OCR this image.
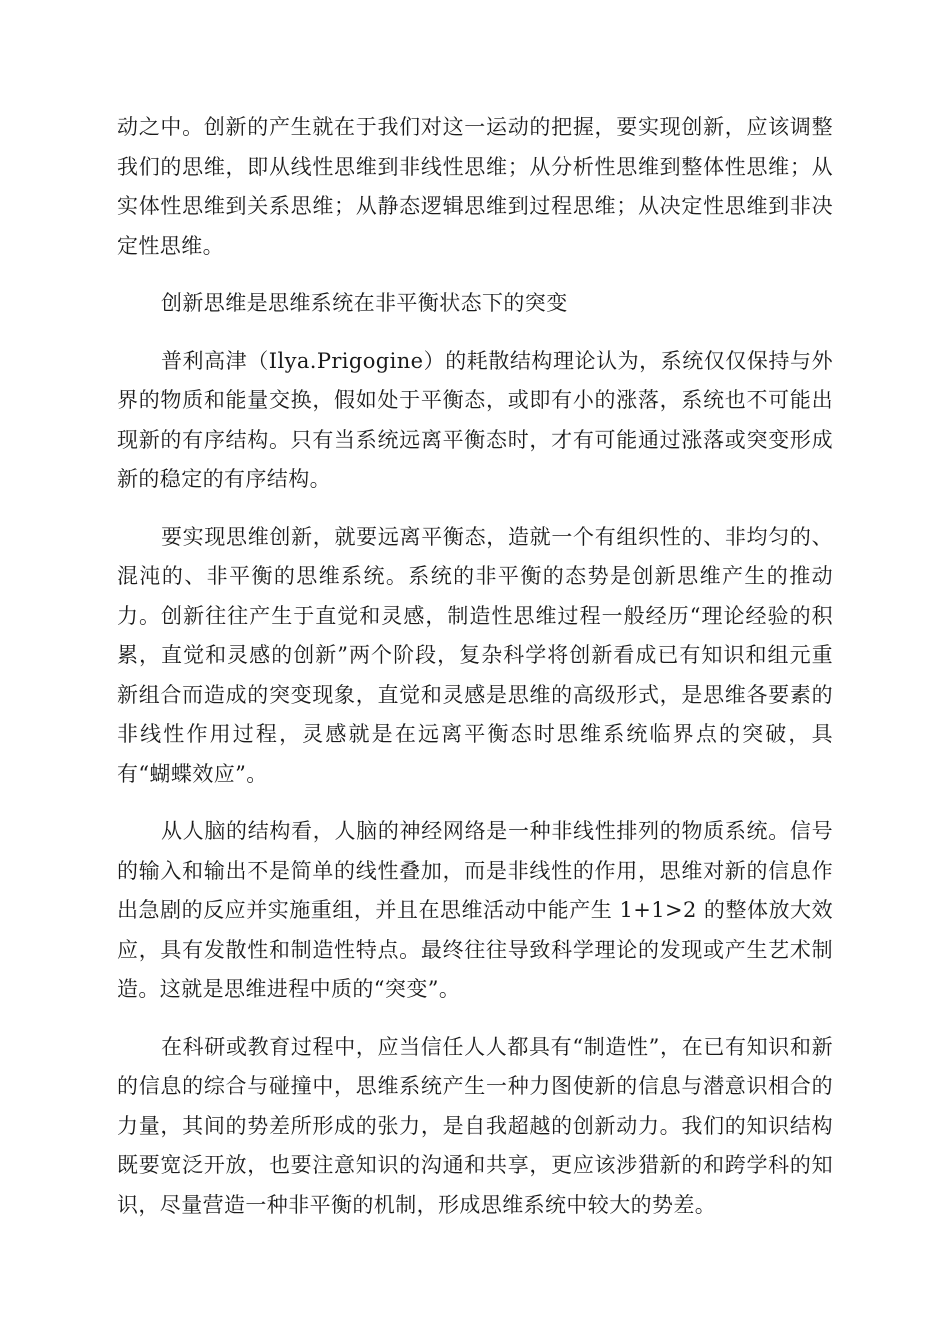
动之中。创新的产生就在于我们对这一运动的把握，要实现创新，应该调整我们的思维，即从线性思维到非线性思维；从分析性思维到整体性思维；从实体性思维到关系思维；从静态逻辑思维到过程思维；从决定性思维到非决定性思维。

创新思维是思维系统在非平衡状态下的突变

普利高津（Ilya.Prigogine）的耗散结构理论认为，系统仅仅保持与外界的物质和能量交换，假如处于平衡态，或即有小的涨落，系统也不可能出现新的有序结构。只有当系统远离平衡态时，才有可能通过涨落或突变形成新的稳定的有序结构。

要实现思维创新，就要远离平衡态，造就一个有组织性的、非均匀的、混沌的、非平衡的思维系统。系统的非平衡的态势是创新思维产生的推动力。创新往往产生于直觉和灵感，制造性思维过程一般经历“理论经验的积累，直觉和灵感的创新”两个阶段，复杂科学将创新看成已有知识和组元重新组合而造成的突变现象，直觉和灵感是思维的高级形式，是思维各要素的非线性作用过程，灵感就是在远离平衡态时思维系统临界点的突破，具有“蝴蝶效应”。

从人脑的结构看，人脑的神经网络是一种非线性排列的物质系统。信号的输入和输出不是简单的线性叠加，而是非线性的作用，思维对新的信息作出急剧的反应并实施重组，并且在思维活动中能产生 1+1>2 的整体放大效应，具有发散性和制造性特点。最终往往导致科学理论的发现或产生艺术制造。这就是思维进程中质的“突变”。

在科研或教育过程中，应当信任人人都具有“制造性”，在已有知识和新的信息的综合与碰撞中，思维系统产生一种力图使新的信息与潜意识相合的力量，其间的势差所形成的张力，是自我超越的创新动力。我们的知识结构既要宽泛开放，也要注意知识的沟通和共享，更应该涉猎新的和跨学科的知识，尽量营造一种非平衡的机制，形成思维系统中较大的势差。
